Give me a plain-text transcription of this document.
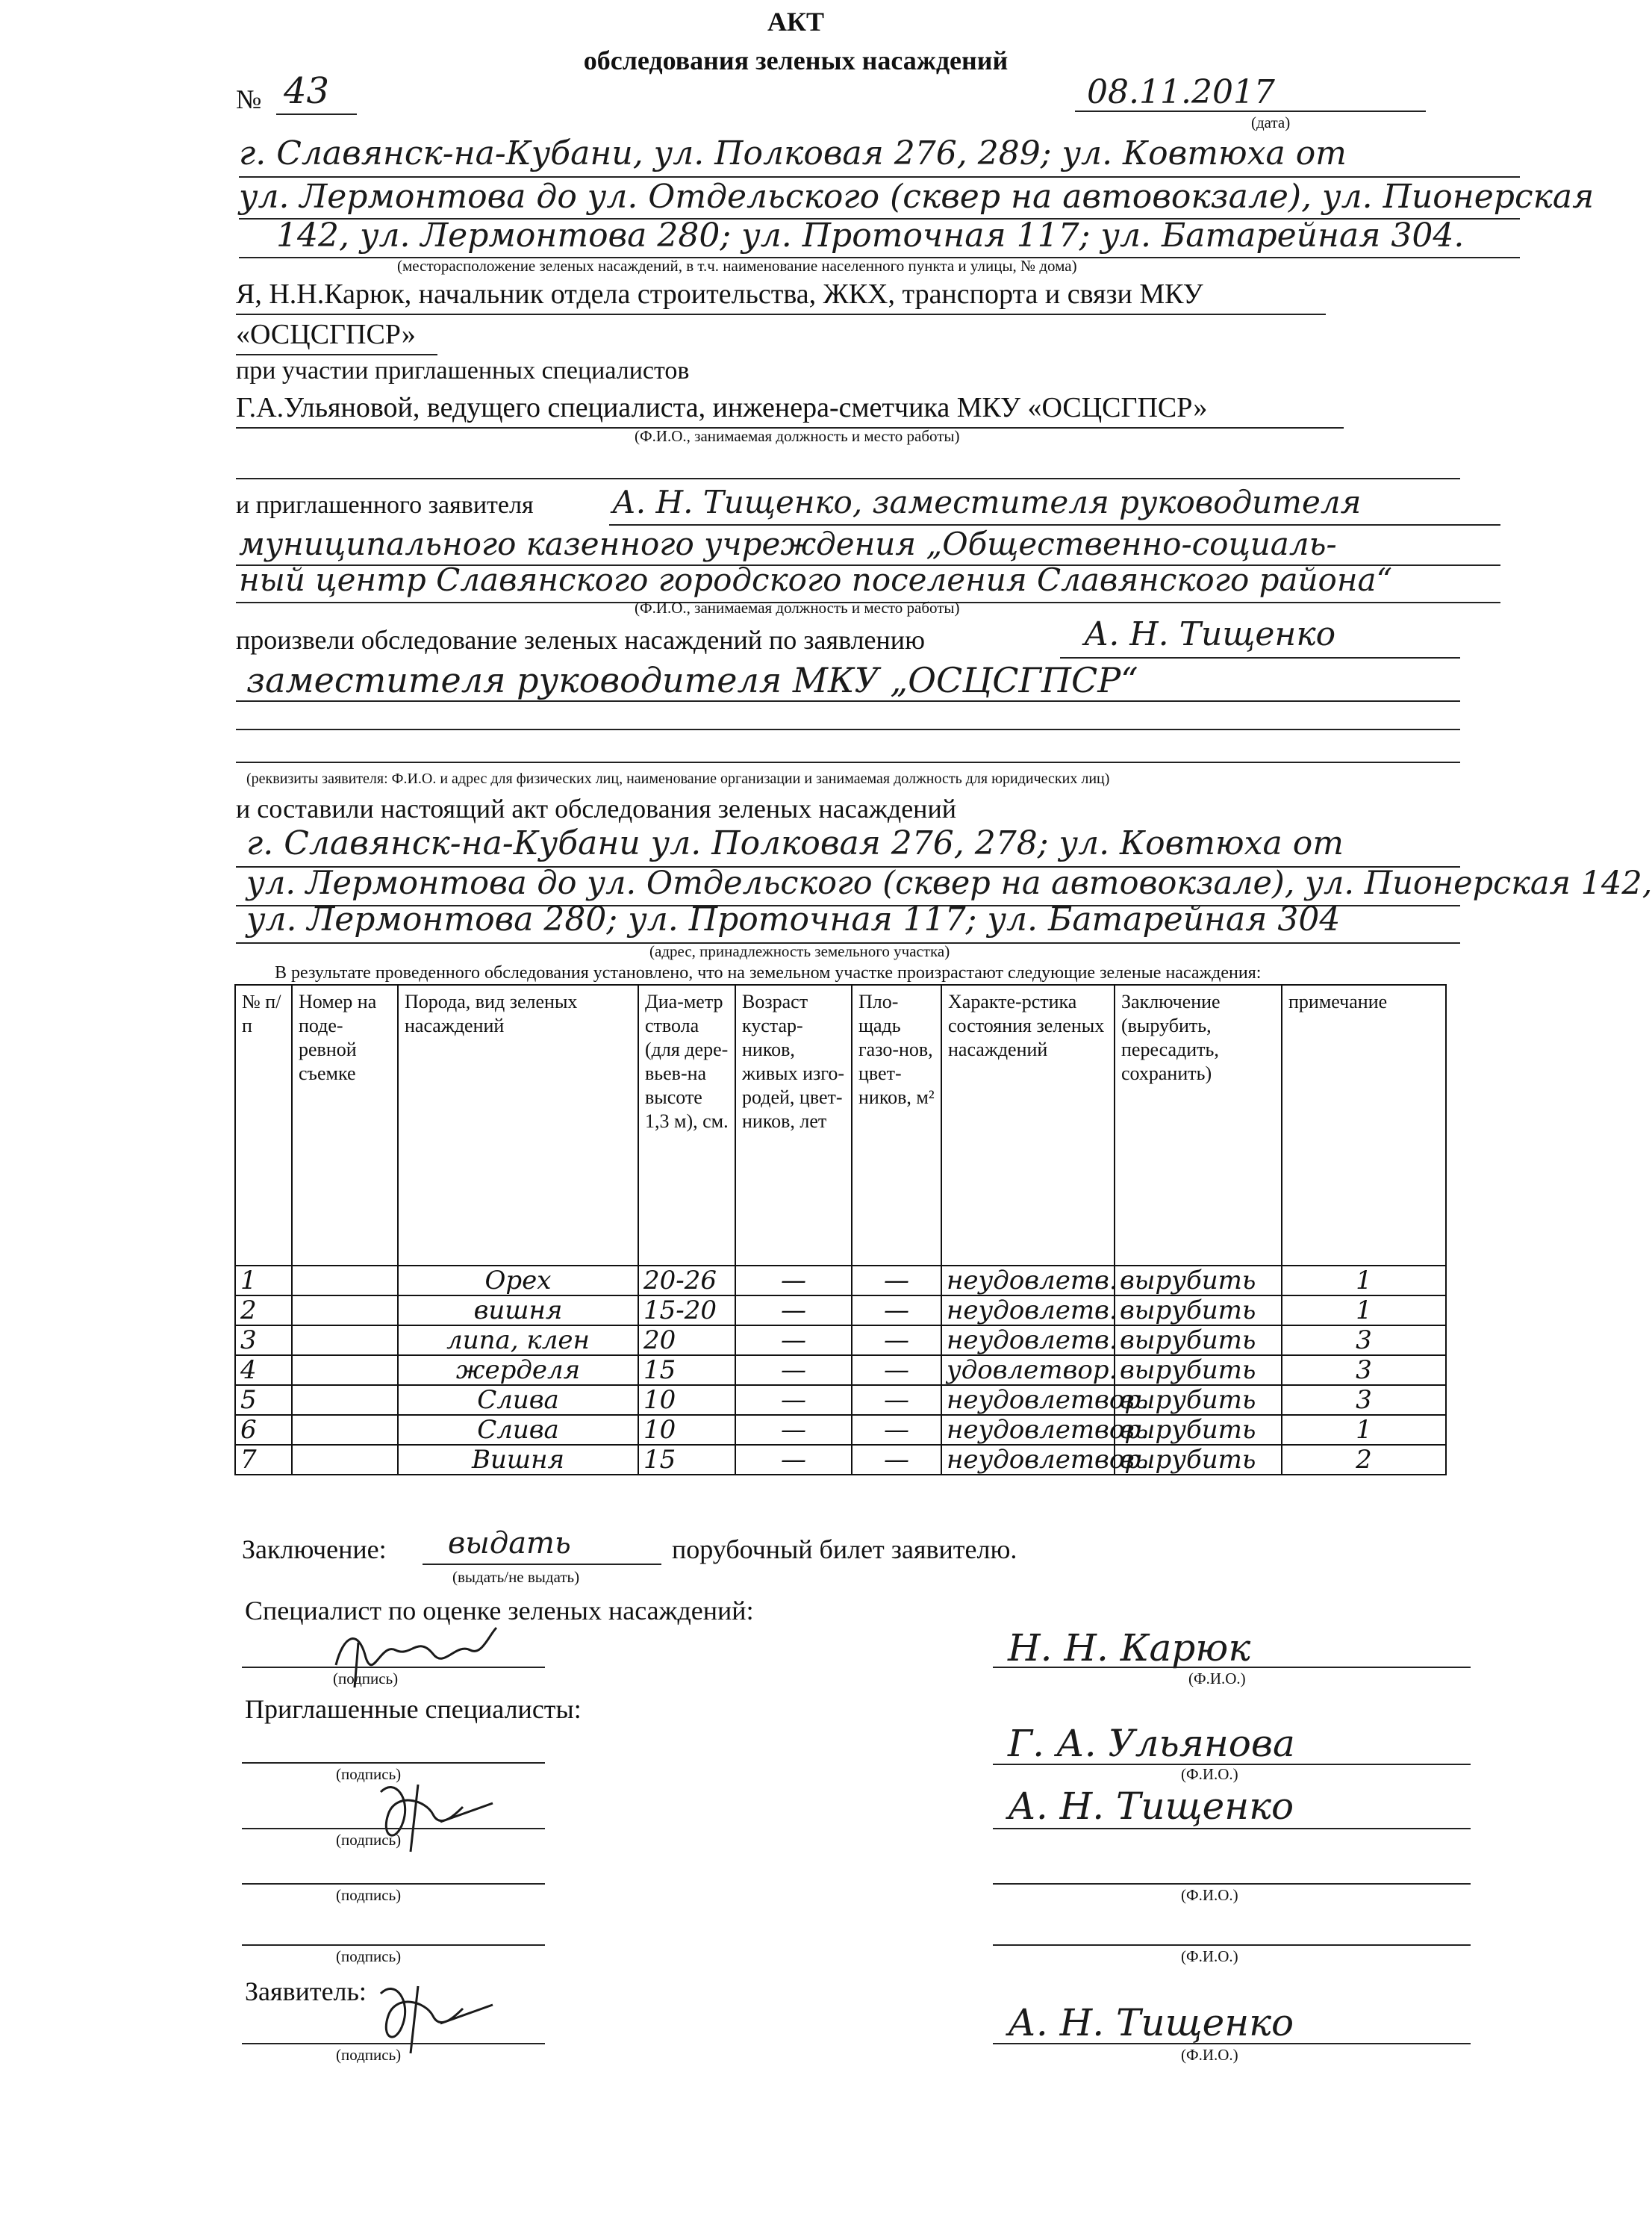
АКТ
обследования зеленых насаждений
№ 43	08.11.2017
(дата)
г. Славянск-на-Кубани, ул. Полковая 276, 289; ул. Ковтюха от
ул. Лермонтова до ул. Отдельского (сквер на автовокзале), ул. Пионерская
142, ул. Лермонтова 280; ул. Проточная 117; ул. Батарейная 304.
(месторасположение зеленых насаждений, в т.ч. наименование населенного пункта и улицы, № дома)
Я, Н.Н.Карюк, начальник отдела строительства, ЖКХ, транспорта и связи МКУ
«ОСЦСГПСР»
при участии приглашенных специалистов
Г.А.Ульяновой, ведущего специалиста, инженера-сметчика МКУ «ОСЦСГПСР»
(Ф.И.О., занимаемая должность и место работы)
и приглашенного заявителя	А. Н. Тищенко, заместителя руководителя
муниципального казенного учреждения „Общественно-социаль-
ный центр Славянского городского поселения Славянского района“
(Ф.И.О., занимаемая должность и место работы)
произвели обследование зеленых насаждений по заявлению	А. Н. Тищенко
заместителя руководителя МКУ „ОСЦСГПСР“
(реквизиты заявителя: Ф.И.О. и адрес для физических лиц, наименование организации и занимаемая должность для юридических лиц)
и составили настоящий акт обследования зеленых насаждений
г. Славянск-на-Кубани ул. Полковая 276, 278; ул. Ковтюха от
ул. Лермонтова до ул. Отдельского (сквер на автовокзале), ул. Пионерская 142,
ул. Лермонтова 280; ул. Проточная 117; ул. Батарейная 304
(адрес, принадлежность земельного участка)
В результате проведенного обследования установлено, что на земельном участке произрастают следующие зеленые насаждения:
№ п/п	Номер на поде-ревной съемке	Порода, вид зеленых насаждений	Диа-метр ствола (для дере-вьев-на высоте 1,3 м), см.	Возраст кустар-ников, живых изго-родей, цвет-ников, лет	Пло-щадь газо-нов, цвет-ников, м²	Характе-рстика состояния зеленых насаждений	Заключение (вырубить, пересадить, сохранить)	примечание
1		Орех	20-26	—	—	неудовлетв.	вырубить	1
2		вишня	15-20	—	—	неудовлетв.	вырубить	1
3		липа, клен	20	—	—	неудовлетв.	вырубить	3
4		жерделя	15	—	—	удовлетвор.	вырубить	3
5		Слива	10	—	—	неудовлетвор.	вырубить	3
6		Слива	10	—	—	неудовлетвор.	вырубить	1
7		Вишня	15	—	—	неудовлетвор.	вырубить	2
Заключение: выдать	порубочный билет заявителю.
(выдать/не выдать)
Специалист по оценке зеленых насаждений:
(подпись)
Н. Н. Карюк
(Ф.И.О.)
Приглашенные специалисты:
(подпись)
Г. А. Ульянова
(Ф.И.О.)
(подпись)
А. Н. Тищенко
(подпись)	(Ф.И.О.)
(подпись)	(Ф.И.О.)
Заявитель:
(подпись)
А. Н. Тищенко
(Ф.И.О.)
